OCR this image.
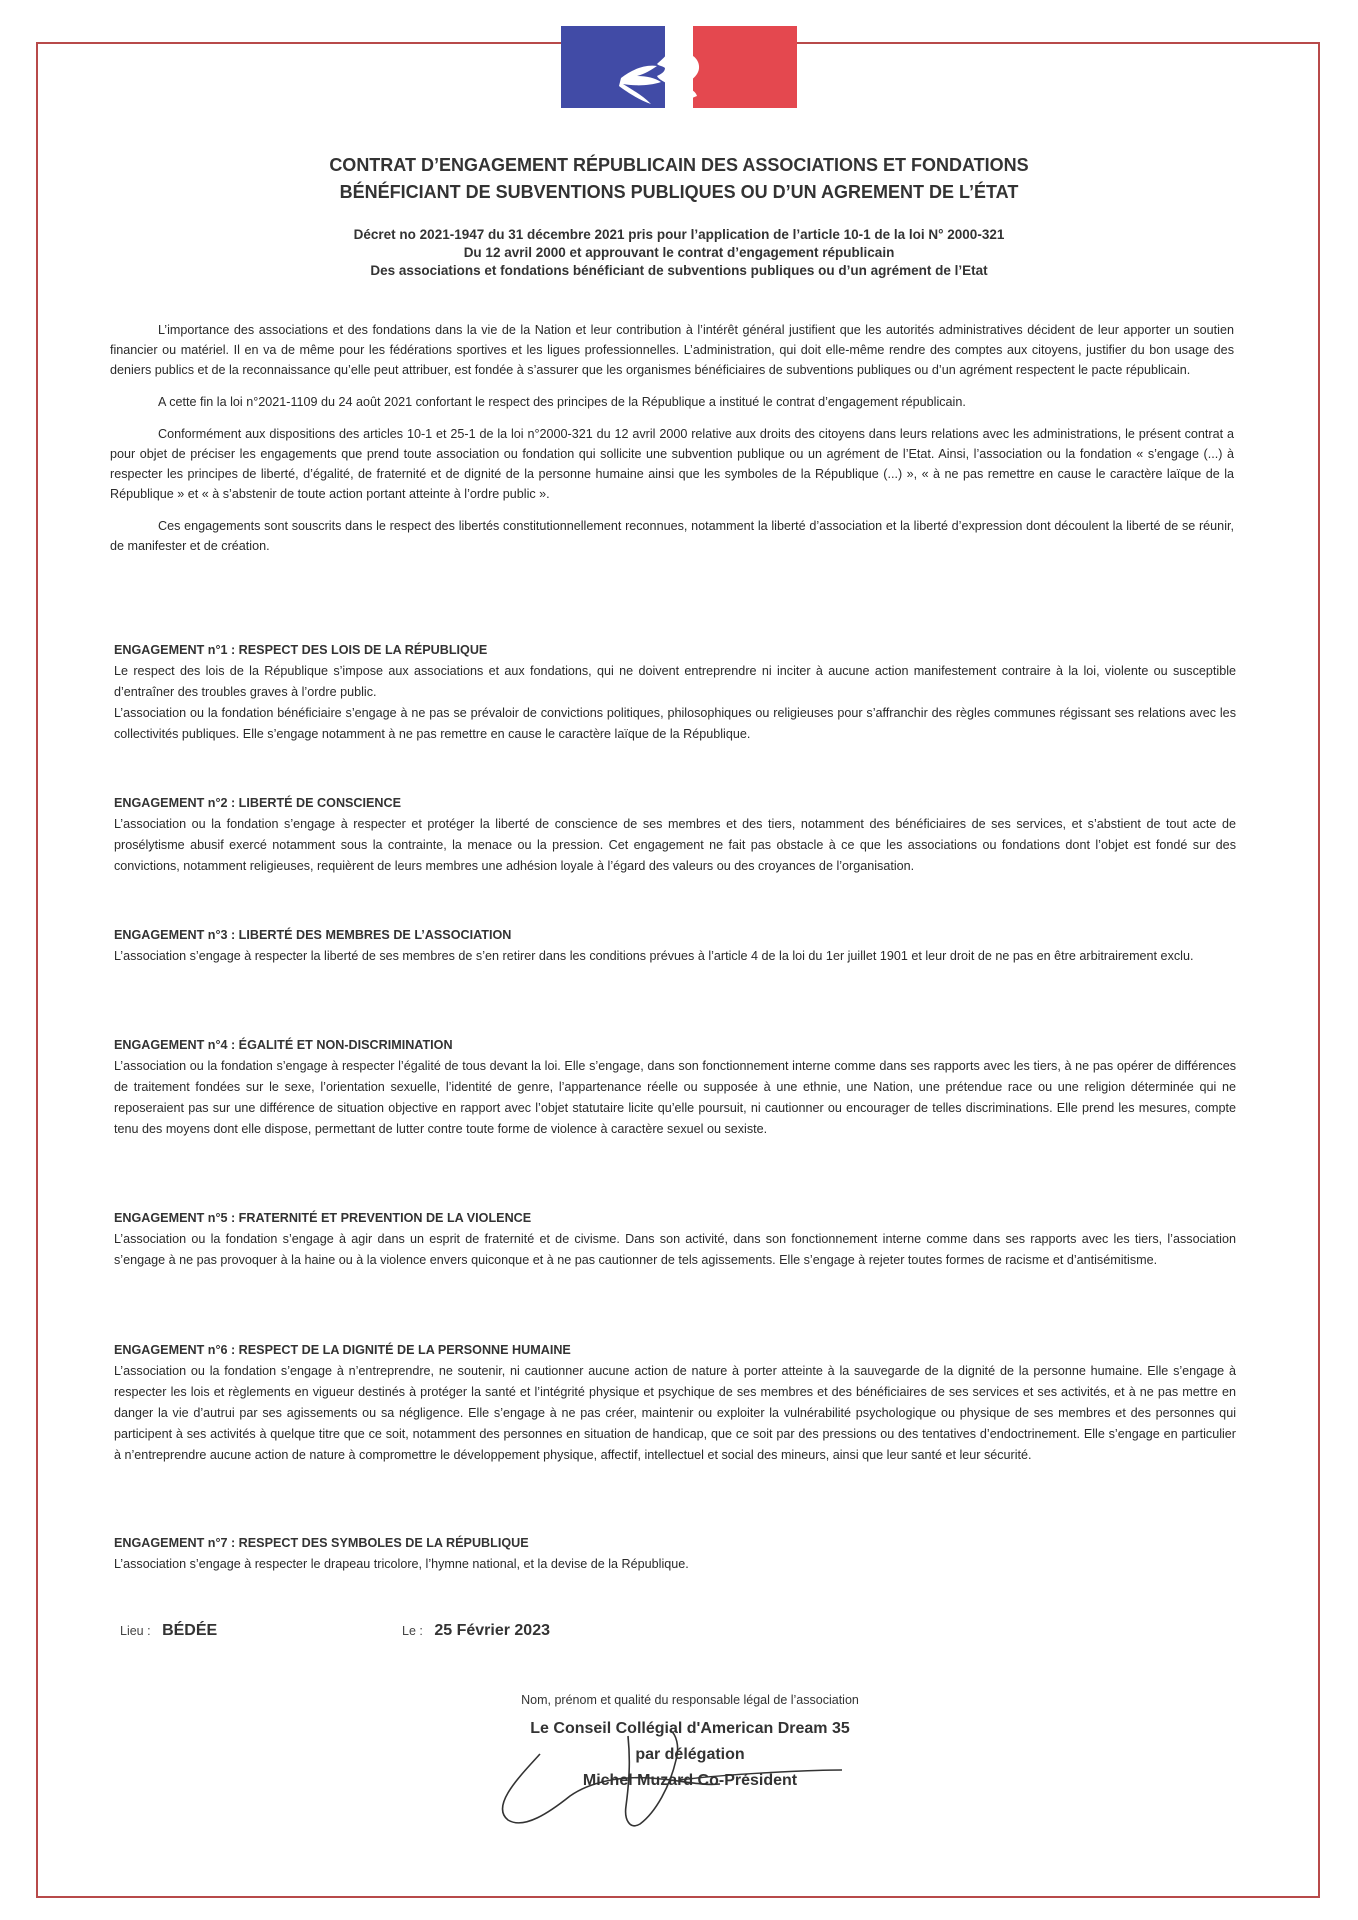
CONTRAT D’ENGAGEMENT RÉPUBLICAIN DES ASSOCIATIONS ET FONDATIONS
BÉNÉFICIANT DE SUBVENTIONS PUBLIQUES OU D’UN AGREMENT DE L’ÉTAT
Décret no 2021-1947 du 31 décembre 2021 pris pour l’application de l’article 10-1 de la loi N° 2000-321
Du 12 avril 2000 et approuvant le contrat d’engagement républicain
Des associations et fondations bénéficiant de subventions publiques ou d’un agrément de l’Etat

L’importance des associations et des fondations dans la vie de la Nation et leur contribution à l’intérêt général justifient que les autorités administratives décident de leur apporter un soutien financier ou matériel. Il en va de même pour les fédérations sportives et les ligues professionnelles. L’administration, qui doit elle-même rendre des comptes aux citoyens, justifier du bon usage des deniers publics et de la reconnaissance qu’elle peut attribuer, est fondée à s’assurer que les organismes bénéficiaires de subventions publiques ou d’un agrément respectent le pacte républicain.

A cette fin la loi n°2021-1109 du 24 août 2021 confortant le respect des principes de la République a institué le contrat d’engagement républicain.

Conformément aux dispositions des articles 10-1 et 25-1 de la loi n°2000-321 du 12 avril 2000 relative aux droits des citoyens dans leurs relations avec les administrations, le présent contrat a pour objet de préciser les engagements que prend toute association ou fondation qui sollicite une subvention publique ou un agrément de l’Etat. Ainsi, l’association ou la fondation « s’engage (...) à respecter les principes de liberté, d’égalité, de fraternité et de dignité de la personne humaine ainsi que les symboles de la République (...) », « à ne pas remettre en cause le caractère laïque de la République » et « à s’abstenir de toute action portant atteinte à l’ordre public ».

Ces engagements sont souscrits dans le respect des libertés constitutionnellement reconnues, notamment la liberté d’association et la liberté d’expression dont découlent la liberté de se réunir, de manifester et de création.

ENGAGEMENT n°1 : RESPECT DES LOIS DE LA RÉPUBLIQUE

Le respect des lois de la République s’impose aux associations et aux fondations, qui ne doivent entreprendre ni inciter à aucune action manifestement contraire à la loi, violente ou susceptible d’entraîner des troubles graves à l’ordre public.

L’association ou la fondation bénéficiaire s’engage à ne pas se prévaloir de convictions politiques, philosophiques ou religieuses pour s’affranchir des règles communes régissant ses relations avec les collectivités publiques. Elle s’engage notamment à ne pas remettre en cause le caractère laïque de la République.

ENGAGEMENT n°2 : LIBERTÉ DE CONSCIENCE

L’association ou la fondation s’engage à respecter et protéger la liberté de conscience de ses membres et des tiers, notamment des bénéficiaires de ses services, et s’abstient de tout acte de prosélytisme abusif exercé notamment sous la contrainte, la menace ou la pression. Cet engagement ne fait pas obstacle à ce que les associations ou fondations dont l’objet est fondé sur des convictions, notamment religieuses, requièrent de leurs membres une adhésion loyale à l’égard des valeurs ou des croyances de l’organisation.

ENGAGEMENT n°3 : LIBERTÉ DES MEMBRES DE L’ASSOCIATION

L’association s’engage à respecter la liberté de ses membres de s’en retirer dans les conditions prévues à l’article 4 de la loi du 1er juillet 1901 et leur droit de ne pas en être arbitrairement exclu.

ENGAGEMENT n°4 : ÉGALITÉ ET NON-DISCRIMINATION

L’association ou la fondation s’engage à respecter l’égalité de tous devant la loi. Elle s’engage, dans son fonctionnement interne comme dans ses rapports avec les tiers, à ne pas opérer de différences de traitement fondées sur le sexe, l’orientation sexuelle, l’identité de genre, l’appartenance réelle ou supposée à une ethnie, une Nation, une prétendue race ou une religion déterminée qui ne reposeraient pas sur une différence de situation objective en rapport avec l’objet statutaire licite qu’elle poursuit, ni cautionner ou encourager de telles discriminations. Elle prend les mesures, compte tenu des moyens dont elle dispose, permettant de lutter contre toute forme de violence à caractère sexuel ou sexiste.

ENGAGEMENT n°5 : FRATERNITÉ ET PREVENTION DE LA VIOLENCE

L’association ou la fondation s’engage à agir dans un esprit de fraternité et de civisme. Dans son activité, dans son fonctionnement interne comme dans ses rapports avec les tiers, l’association s’engage à ne pas provoquer à la haine ou à la violence envers quiconque et à ne pas cautionner de tels agissements. Elle s’engage à rejeter toutes formes de racisme et d’antisémitisme.

ENGAGEMENT n°6 : RESPECT DE LA DIGNITÉ DE LA PERSONNE HUMAINE

L’association ou la fondation s’engage à n’entreprendre, ne soutenir, ni cautionner aucune action de nature à porter atteinte à la sauvegarde de la dignité de la personne humaine. Elle s’engage à respecter les lois et règlements en vigueur destinés à protéger la santé et l’intégrité physique et psychique de ses membres et des bénéficiaires de ses services et ses activités, et à ne pas mettre en danger la vie d’autrui par ses agissements ou sa négligence. Elle s’engage à ne pas créer, maintenir ou exploiter la vulnérabilité psychologique ou physique de ses membres et des personnes qui participent à ses activités à quelque titre que ce soit, notamment des personnes en situation de handicap, que ce soit par des pressions ou des tentatives d’endoctrinement. Elle s’engage en particulier à n’entreprendre aucune action de nature à compromettre le développement physique, affectif, intellectuel et social des mineurs, ainsi que leur santé et leur sécurité.

ENGAGEMENT n°7 : RESPECT DES SYMBOLES DE LA RÉPUBLIQUE

L’association s’engage à respecter le drapeau tricolore, l’hymne national, et la devise de la République.

Lieu : BÉDÉE	Le : 25 Février 2023
Nom, prénom et qualité du responsable légal de l’association
Le Conseil Collégial d'American Dream 35
par délégation
Michel Muzard Co-Président
